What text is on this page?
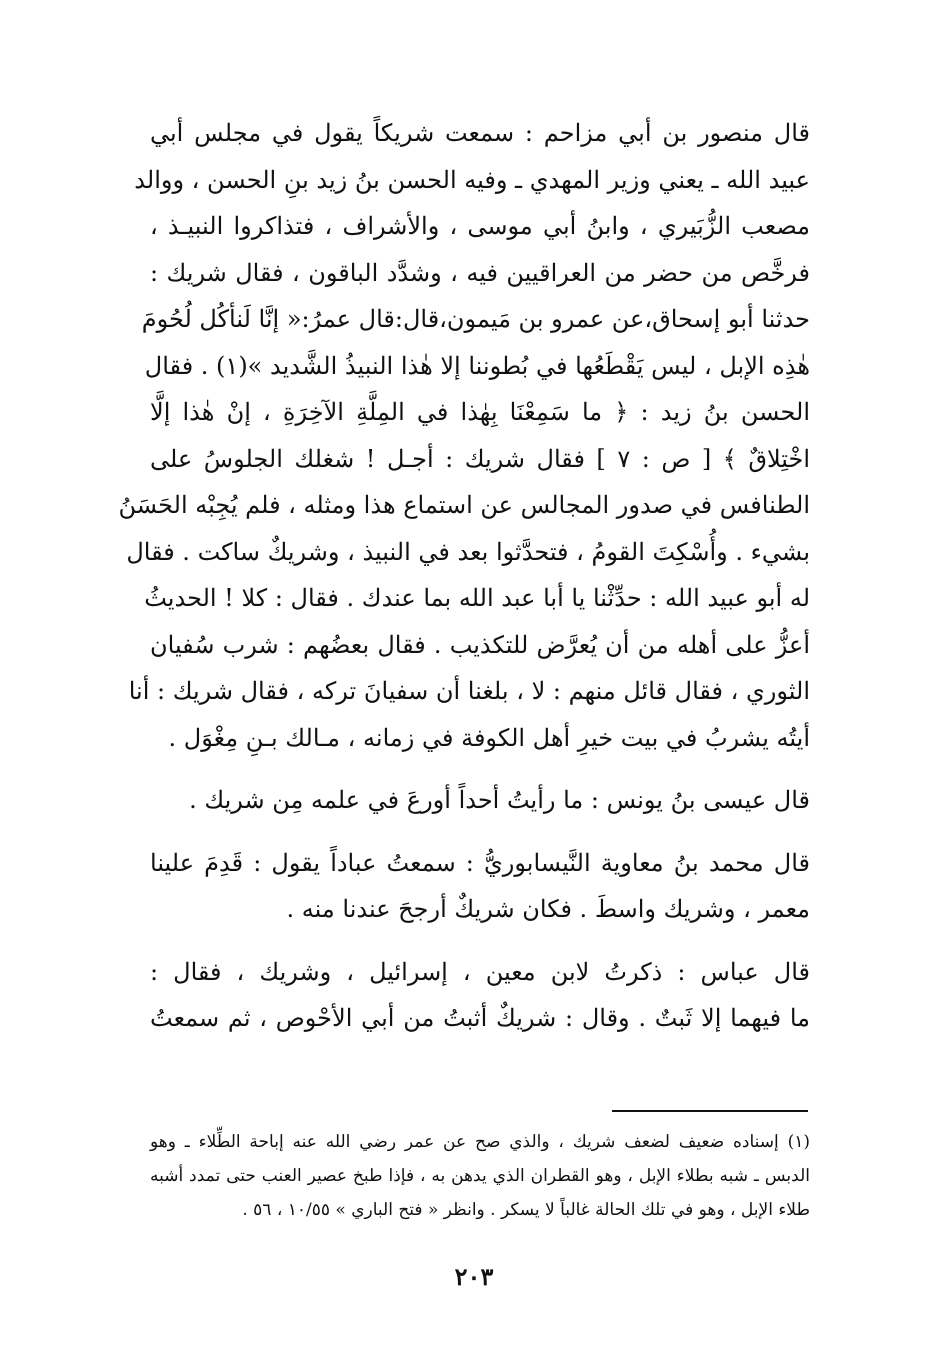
قال منصور بن أبي مزاحم : سمعت شريكاً يقول في مجلس أبي
عبيد الله ـ يعني وزير المهدي ـ وفيه الحسن بنُ زيد بنِ الحسن ، ووالد
مصعب الزُّبَيري ، وابنُ أبي موسى ، والأشراف ، فتذاكروا النبيـذ ،
فرخَّص من حضر من العراقيين فيه ، وشدَّد الباقون ، فقال شريك :
حدثنا أبو إسحاق،عن عمرو بن مَيمون،قال:قال عمرُ:« إنَّا لَنأكُل لُحُومَ
هٰذِه الإبل ، ليس يَقْطَعُها في بُطوننا إلا هٰذا النبيذُ الشَّديد »(١) . فقال
الحسن بنُ زيد : ﴿ ما سَمِعْنَا بِهٰذا في المِلَّةِ الآخِرَةِ ، إنْ هٰذا إلَّا
اخْتِلاقٌ ﴾ [ ص : ٧ ] فقال شريك : أجـل ! شغلك الجلوسُ على
الطنافس في صدور المجالس عن استماع هذا ومثله ، فلم يُجِبْه الحَسَنُ
بشيء . وأُسْكِتَ القومُ ، فتحدَّثوا بعد في النبيذ ، وشريكٌ ساكت . فقال
له أبو عبيد الله : حدِّثْنا يا أبا عبد الله بما عندك . فقال : كلا ! الحديثُ
أعزُّ على أهله من أن يُعرَّض للتكذيب . فقال بعضُهم : شرب سُفيان
الثوري ، فقال قائل منهم : لا ، بلغنا أن سفيانَ تركه ، فقال شريك : أنا
أيتُه يشربُ في بيت خيرِ أهل الكوفة في زمانه ، مـالك بـنِ مِغْوَل .
قال عيسى بنُ يونس : ما رأيتُ أحداً أورعَ في علمه مِن شريك .
قال محمد بنُ معاوية النَّيسابوريُّ : سمعتُ عباداً يقول : قَدِمَ علينا
معمر ، وشريك واسطَ . فكان شريكٌ أرجحَ عندنا منه .
قال عباس : ذكرتُ لابن معين ، إسرائيل ، وشريك ، فقال :
ما فيهما إلا ثَبتٌ . وقال : شريكٌ أثبتُ من أبي الأحْوص ، ثم سمعتُ
(١) إسناده ضعيف لضعف شريك ، والذي صح عن عمر رضي الله عنه إباحة الطِّلاء ـ وهو
الدبس ـ شبه بطلاء الإبل ، وهو القطران الذي يدهن به ، فإذا طبخ عصير العنب حتى تمدد أشبه
طلاء الإبل ، وهو في تلك الحالة غالباً لا يسكر . وانظر « فتح الباري » ١٠/٥٥ ، ٥٦ .
٢٠٣
